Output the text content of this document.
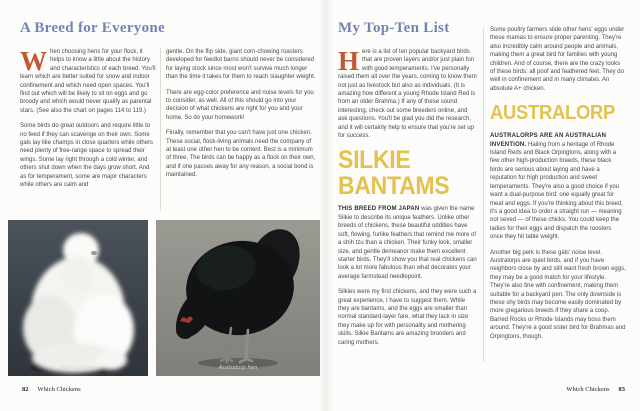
A Breed for Everyone

When choosing hens for your flock, it helps to know a little about the history and characteristics of each breed. You'll learn which are better suited for snow and indoor confinement and which need open spaces. You'll find out which will be likely to sit on eggs and go broody and which would never qualify as parental stars. (See also the chart on pages 114 to 119.)

Some birds do great outdoors and require little to no feed if they can scavenge on their own. Some gals lay like champs in close quarters while others need plenty of free-range space to spread their wings. Some lay right through a cold winter, and others shut down when the days grow short. And as for temperament, some are major characters while others are calm and

gentle. On the flip side, giant corn-chowing roasters developed for feedlot barns should never be considered for laying stock since most won't survive much longer than the time it takes for them to reach slaughter weight.

There are egg-color preference and noise levels for you to consider, as well. All of this should go into your decision of what chickens are right for you and your home. So do your homework!

Finally, remember that you can't have just one chicken. These social, flock-living animals need the company of at least one other hen to be content. Best is a minimum of three. The birds can be happy as a flock on their own, and if one passes away for any reason, a social bond is maintained.

Silkie bantam	Australorp hen
82 Which Chickens
My Top-Ten List

Here is a list of ten popular backyard birds that are proven layers and/or just plain fun with good temperaments. I've personally raised them all over the years, coming to know them not just as livestock but also as individuals. (It is amazing how different a young Rhode Island Red is from an older Brahma.) If any of these sound interesting, check out some breeders online, and ask questions. You'll be glad you did the research, and it will certainly help to ensure that you're set up for success.

SILKIE
BANTAMS

THIS BREED FROM JAPAN was given the name Silkie to describe its unique feathers. Unlike other breeds of chickens, these beautiful oddities have soft, flowing, furlike feathers that remind me more of a shih tzu than a chicken. Their funky look, smaller size, and gentle demeanor make them excellent starter birds. They'll show you that real chickens can look a lot more fabulous than what decorates your average farmstead needlepoint.

Silkies were my first chickens, and they were such a great experience, I have to suggest them. While they are bantams, and the eggs are smaller than normal standard-layer fare, what they lack in size they make up for with personality and mothering skills. Silkie Bantams are amazing brooders and caring mothers.

Some poultry farmers slide other hens' eggs under these mamas to ensure proper parenting. They're also incredibly calm around people and animals, making them a great bird for families with young children. And of course, there are the crazy looks of these birds: all poof and feathered feet. They do well in confinement and in many climates. An absolute A+ chicken.

AUSTRALORP

AUSTRALORPS ARE AN AUSTRALIAN INVENTION. Hailing from a heritage of Rhode Island Reds and Black Orpingtons, along with a few other high-production breeds, these black birds are serious about laying and have a reputation for high production and sweet temperaments. They're also a good choice if you want a dual-purpose bird: one equally great for meat and eggs. If you're thinking about this breed, it's a good idea to order a straight run — meaning not sexed — of these chicks. You could keep the ladies for their eggs and dispatch the roosters once they hit table weight.

Another big perk is these gals' noise level. Australorps are quiet birds, and if you have neighbors close by and still want fresh brown eggs, they may be a good match for your lifestyle. They're also fine with confinement, making them suitable for a backyard pen. The only downside is these shy birds may become easily dominated by more gregarious breeds if they share a coop. Barred Rocks or Rhode Islands may boss them around. They're a good sister bird for Brahmas and Orpingtons, though.

Which Chickens 83
